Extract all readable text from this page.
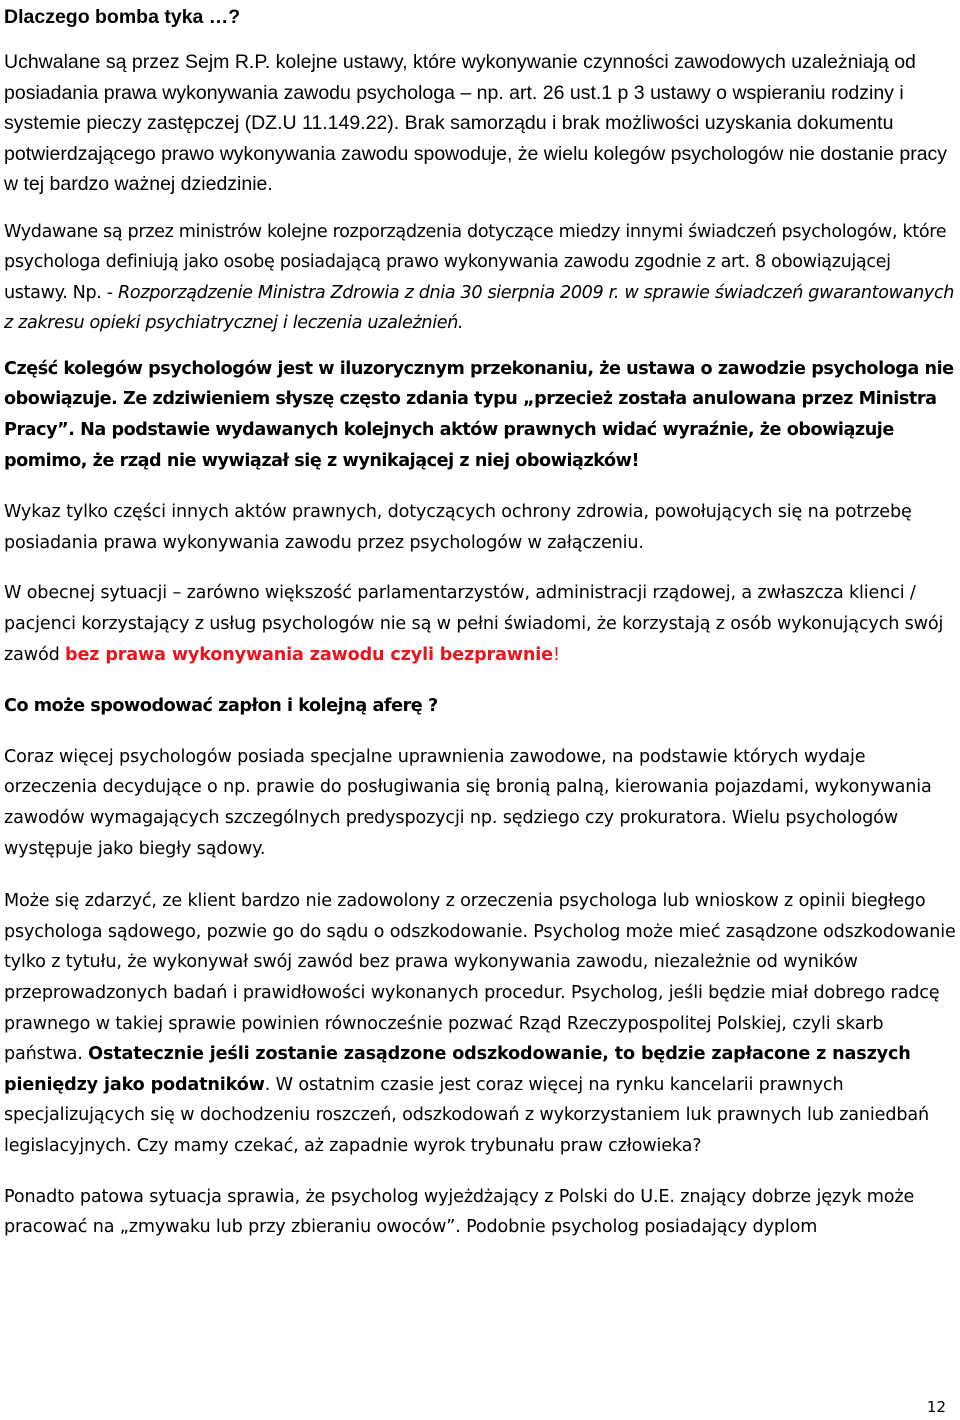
Dlaczego bomba tyka …?

Uchwalane są przez Sejm R.P. kolejne ustawy, które wykonywanie czynności zawodowych uzależniają od posiadania prawa wykonywania zawodu psychologa – np. art. 26 ust.1 p 3 ustawy o wspieraniu rodziny i systemie pieczy zastępczej (DZ.U 11.149.22). Brak samorządu i brak możliwości uzyskania dokumentu potwierdzającego prawo wykonywania zawodu spowoduje, że wielu kolegów psychologów nie dostanie pracy w tej bardzo ważnej dziedzinie.

Wydawane są przez ministrów kolejne rozporządzenia dotyczące miedzy innymi świadczeń psychologów, które psychologa definiują jako osobę posiadającą prawo wykonywania zawodu zgodnie z art. 8 obowiązującej ustawy. Np. - Rozporządzenie Ministra Zdrowia z dnia 30 sierpnia 2009 r. w sprawie świadczeń gwarantowanych z zakresu opieki psychiatrycznej i leczenia uzależnień.

Część kolegów psychologów jest w iluzorycznym przekonaniu, że ustawa o zawodzie psychologa nie obowiązuje. Ze zdziwieniem słyszę często zdania typu „przecież została anulowana przez Ministra Pracy”. Na podstawie wydawanych kolejnych aktów prawnych widać wyraźnie, że obowiązuje pomimo, że rząd nie wywiązał się z wynikającej z niej obowiązków!

Wykaz tylko części innych aktów prawnych, dotyczących ochrony zdrowia, powołujących się na potrzebę posiadania prawa wykonywania zawodu przez psychologów w załączeniu.

W obecnej sytuacji – zarówno większość parlamentarzystów, administracji rządowej, a zwłaszcza klienci / pacjenci korzystający z usług psychologów nie są w pełni świadomi, że korzystają z osób wykonujących swój zawód bez prawa wykonywania zawodu czyli bezprawnie!

Co może spowodować zapłon i kolejną aferę ?

Coraz więcej psychologów posiada specjalne uprawnienia zawodowe, na podstawie których wydaje orzeczenia decydujące o np. prawie do posługiwania się bronią palną, kierowania pojazdami, wykonywania zawodów wymagających szczególnych predyspozycji np. sędziego czy prokuratora. Wielu psychologów występuje jako biegły sądowy.

Może się zdarzyć, ze klient bardzo nie zadowolony z orzeczenia psychologa lub wnioskow z opinii biegłego psychologa sądowego, pozwie go do sądu o odszkodowanie. Psycholog może mieć zasądzone odszkodowanie tylko z tytułu, że wykonywał swój zawód bez prawa wykonywania zawodu, niezależnie od wyników przeprowadzonych badań i prawidłowości wykonanych procedur. Psycholog, jeśli będzie miał dobrego radcę prawnego w takiej sprawie powinien równocześnie pozwać Rząd Rzeczypospolitej Polskiej, czyli skarb państwa. Ostatecznie jeśli zostanie zasądzone odszkodowanie, to będzie zapłacone z naszych pieniędzy jako podatników. W ostatnim czasie jest coraz więcej na rynku kancelarii prawnych specjalizujących się w dochodzeniu roszczeń, odszkodowań z wykorzystaniem luk prawnych lub zaniedbań legislacyjnych. Czy mamy czekać, aż zapadnie wyrok trybunału praw człowieka?

Ponadto patowa sytuacja sprawia, że psycholog wyjeżdżający z Polski do U.E. znający dobrze język może pracować na „zmywaku lub przy zbieraniu owoców”. Podobnie psycholog posiadający dyplom

12
